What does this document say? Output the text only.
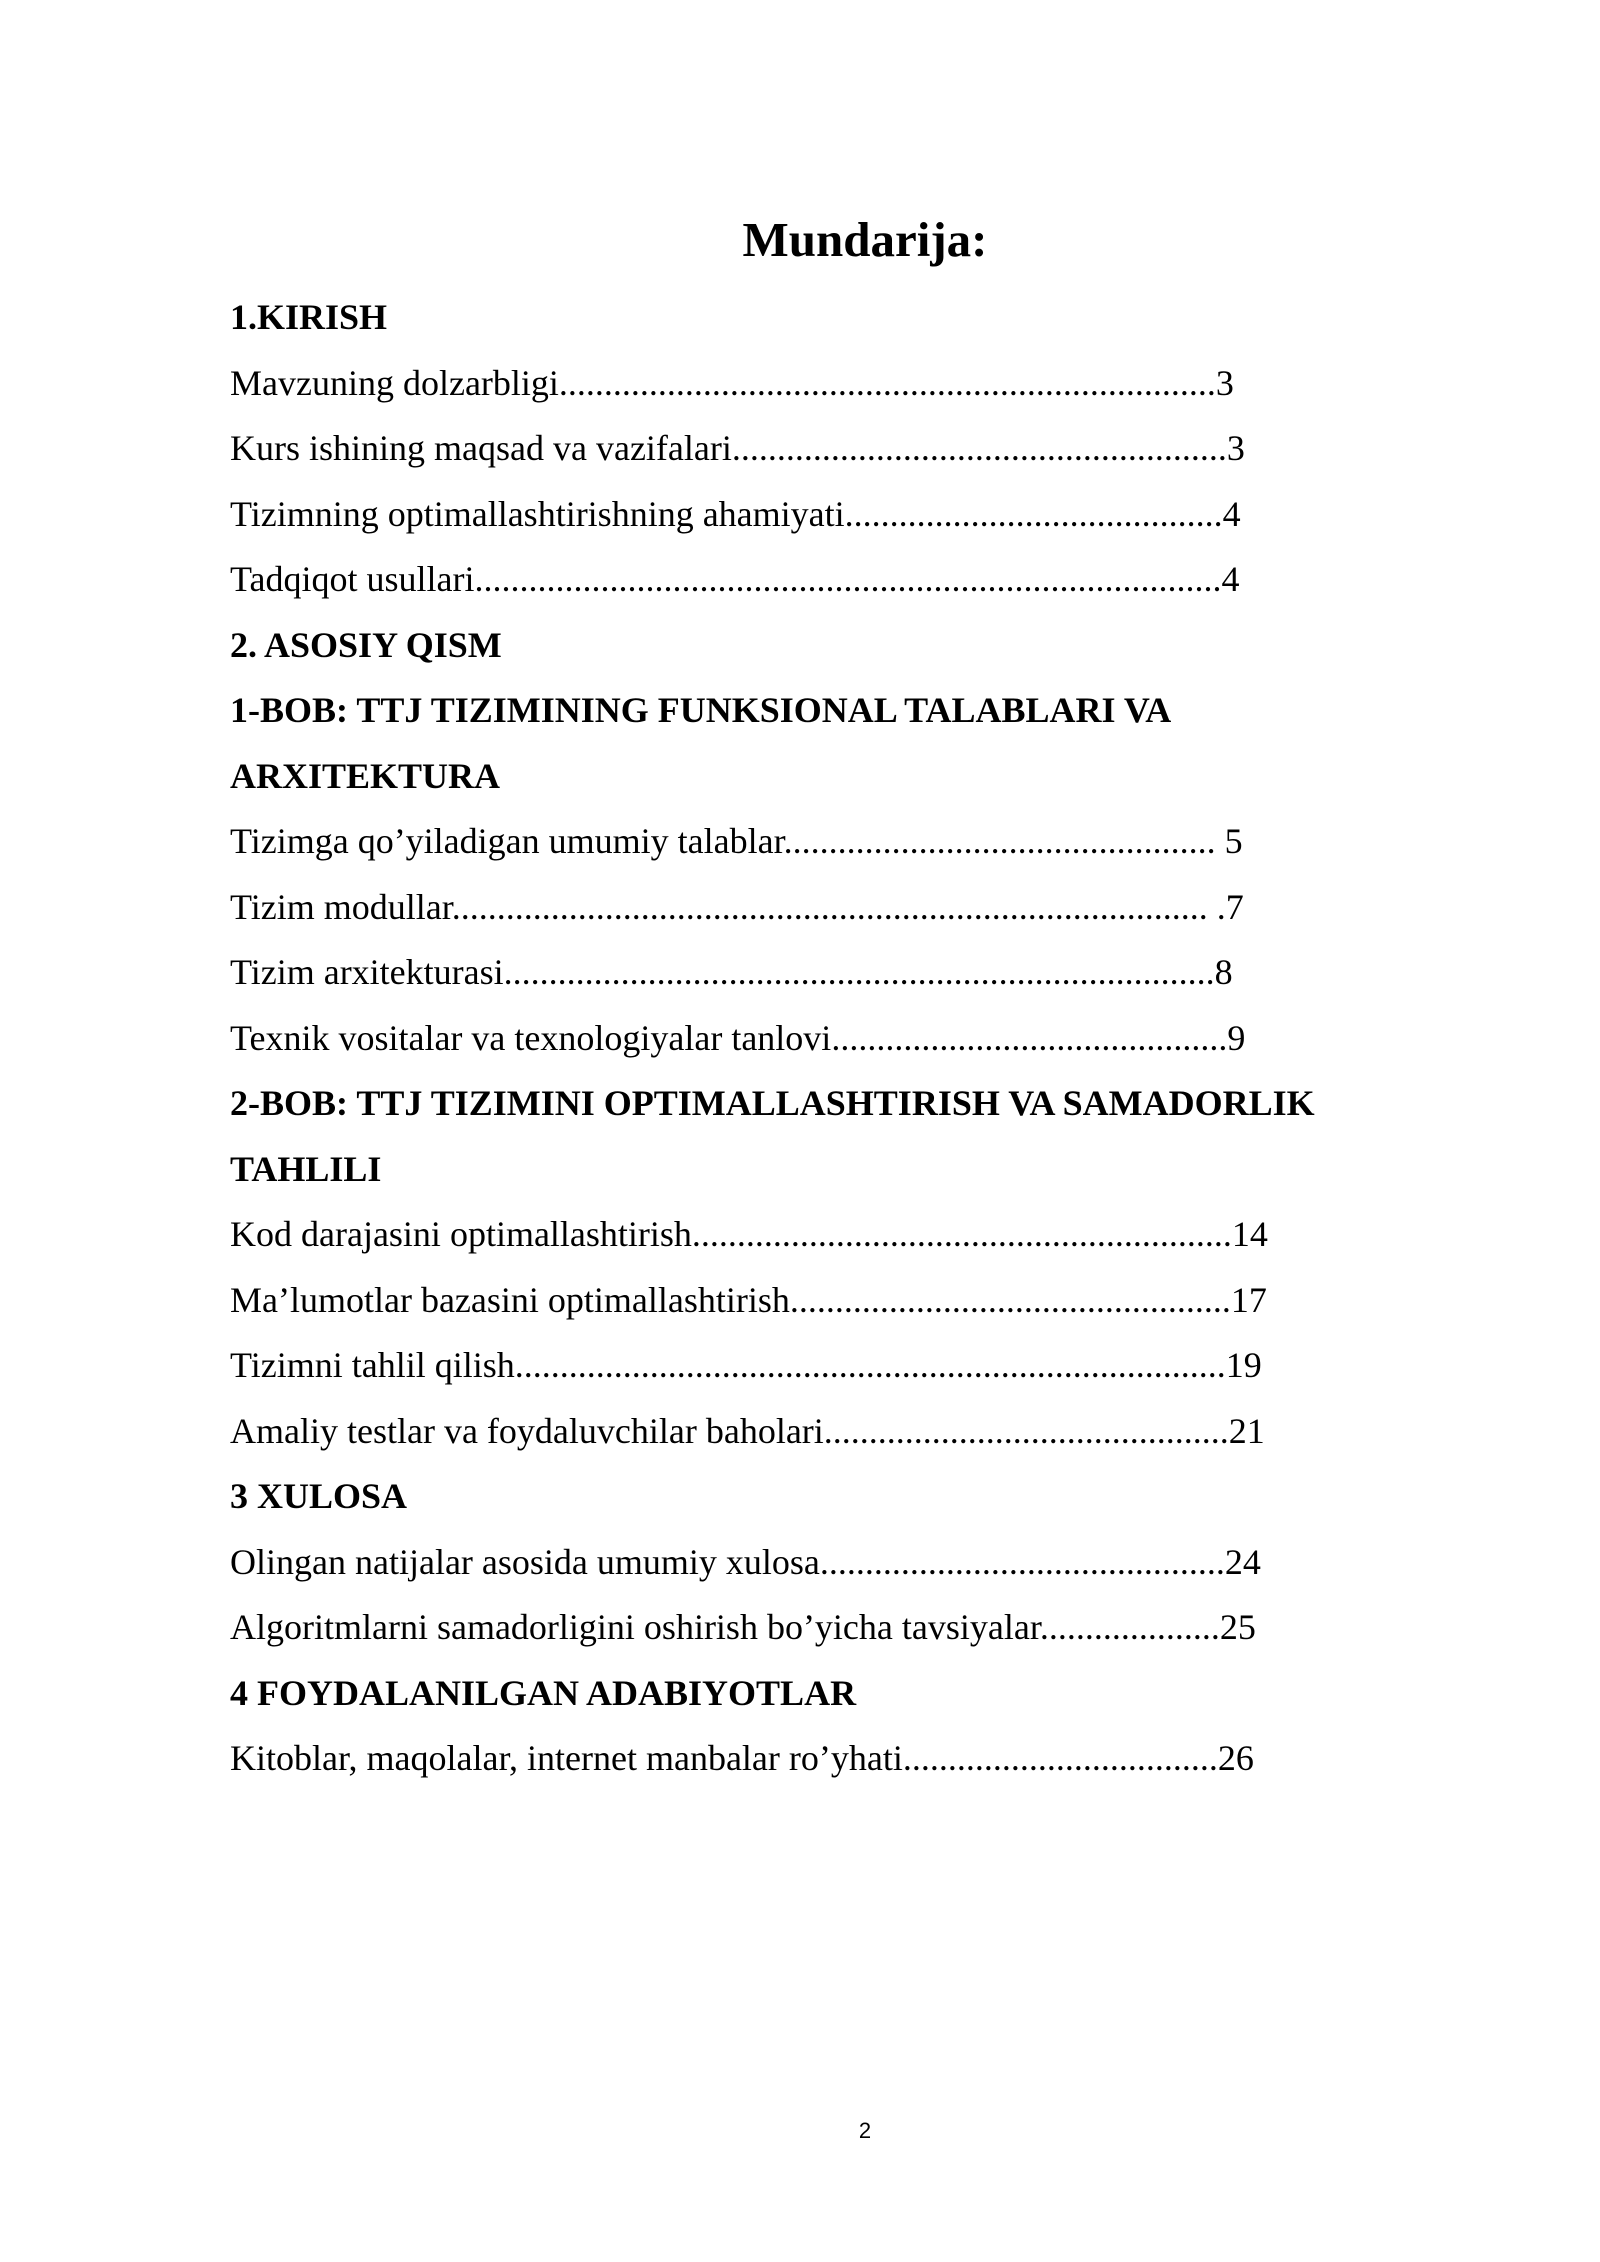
Mundarija:
1.KIRISH
Mavzuning dolzarbligi.........................................................................3
Kurs ishining maqsad va vazifalari.......................................................3
Tizimning optimallashtirishning ahamiyati..........................................4
Tadqiqot usullari...................................................................................4
2. ASOSIY QISM
1-BOB: TTJ TIZIMINING FUNKSIONAL TALABLARI VA
ARXITEKTURA
Tizimga qo’yiladigan umumiy talablar................................................ 5
Tizim modullar.................................................................................... .7
Tizim arxitekturasi...............................................................................8
Texnik vositalar va texnologiyalar tanlovi............................................9
2-BOB: TTJ TIZIMINI OPTIMALLASHTIRISH VA SAMADORLIK
TAHLILI
Kod darajasini optimallashtirish............................................................14
Ma’lumotlar bazasini optimallashtirish.................................................17
Tizimni tahlil qilish...............................................................................19
Amaliy testlar va foydaluvchilar baholari.............................................21
3 XULOSA
Olingan natijalar asosida umumiy xulosa.............................................24
Algoritmlarni samadorligini oshirish bo’yicha tavsiyalar....................25
4 FOYDALANILGAN ADABIYOTLAR
Kitoblar, maqolalar, internet manbalar ro’yhati...................................26
2
